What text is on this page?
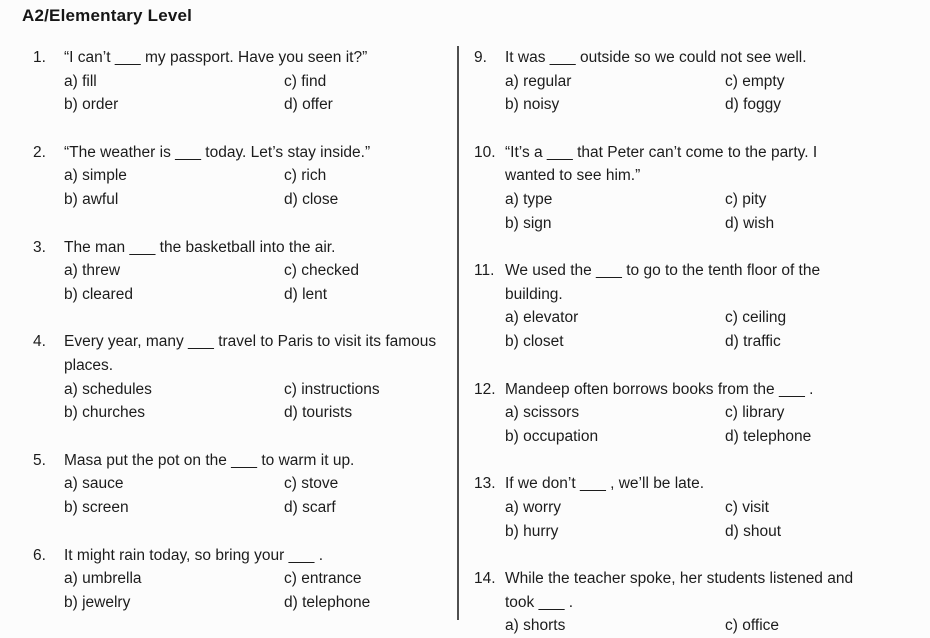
A2/Elementary Level
1.	“I can’t ___ my passport. Have you seen it?”
a) fill	c) find
b) order	d) offer
2.	“The weather is ___ today. Let’s stay inside.”
a) simple	c) rich
b) awful	d) close
3.	The man ___ the basketball into the air.
a) threw	c) checked
b) cleared	d) lent
4.	Every year, many ___ travel to Paris to visit its famous places.
a) schedules	c) instructions
b) churches	d) tourists
5.	Masa put the pot on the ___ to warm it up.
a) sauce	c) stove
b) screen	d) scarf
6.	It might rain today, so bring your ___ .
a) umbrella	c) entrance
b) jewelry	d) telephone
9.	It was ___ outside so we could not see well.
a) regular	c) empty
b) noisy	d) foggy
10. “It’s a ___ that Peter can’t come to the party. I wanted to see him.”
a) type	c) pity
b) sign	d) wish
11. We used the ___ to go to the tenth floor of the building.
a) elevator	c) ceiling
b) closet	d) traffic
12. Mandeep often borrows books from the ___ .
a) scissors	c) library
b) occupation	d) telephone
13. If we don’t ___ , we’ll be late.
a) worry	c) visit
b) hurry	d) shout
14. While the teacher spoke, her students listened and took ___ .
a) shorts	c) office
